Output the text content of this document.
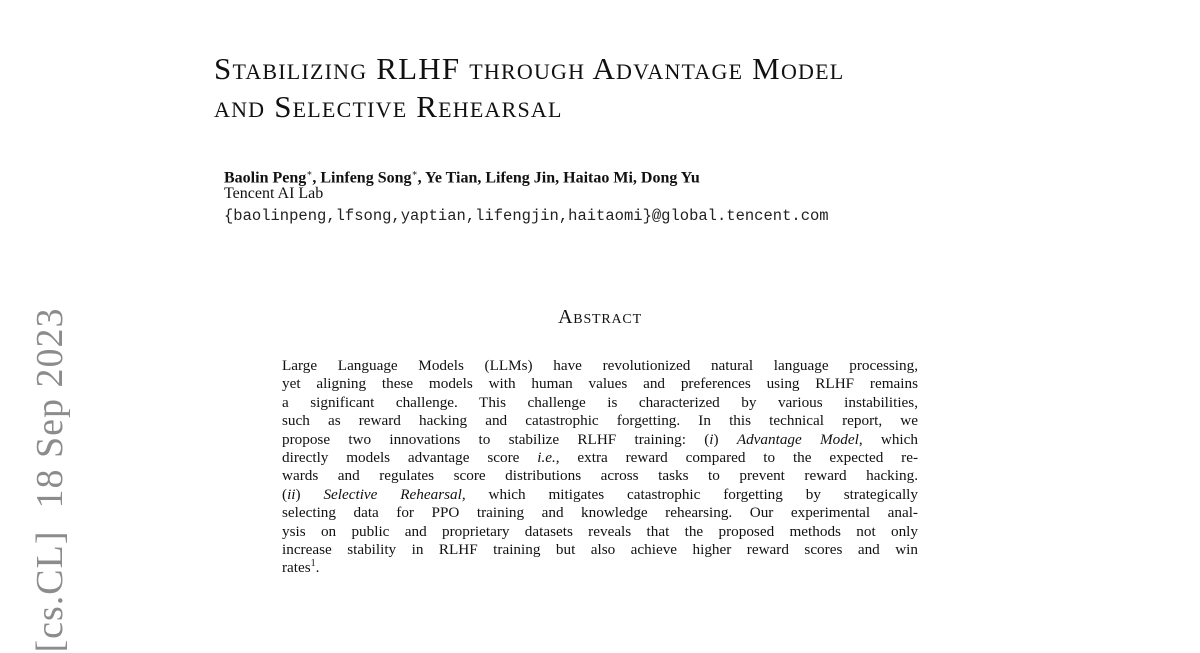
[cs.CL]18 Sep 2023
Stabilizing RLHF through Advantage Model
and Selective Rehearsal
Baolin Peng∗, Linfeng Song∗, Ye Tian, Lifeng Jin, Haitao Mi, Dong Yu
Tencent AI Lab
{baolinpeng,lfsong,yaptian,lifengjin,haitaomi}@global.tencent.com
Abstract
Large Language Models (LLMs) have revolutionized natural language processing,
yet aligning these models with human values and preferences using RLHF remains
a significant challenge. This challenge is characterized by various instabilities,
such as reward hacking and catastrophic forgetting. In this technical report, we
propose two innovations to stabilize RLHF training: (i) Advantage Model, which
directly models advantage score i.e., extra reward compared to the expected re-
wards and regulates score distributions across tasks to prevent reward hacking.
(ii) Selective Rehearsal, which mitigates catastrophic forgetting by strategically
selecting data for PPO training and knowledge rehearsing. Our experimental anal-
ysis on public and proprietary datasets reveals that the proposed methods not only
increase stability in RLHF training but also achieve higher reward scores and win
rates$^1$.
